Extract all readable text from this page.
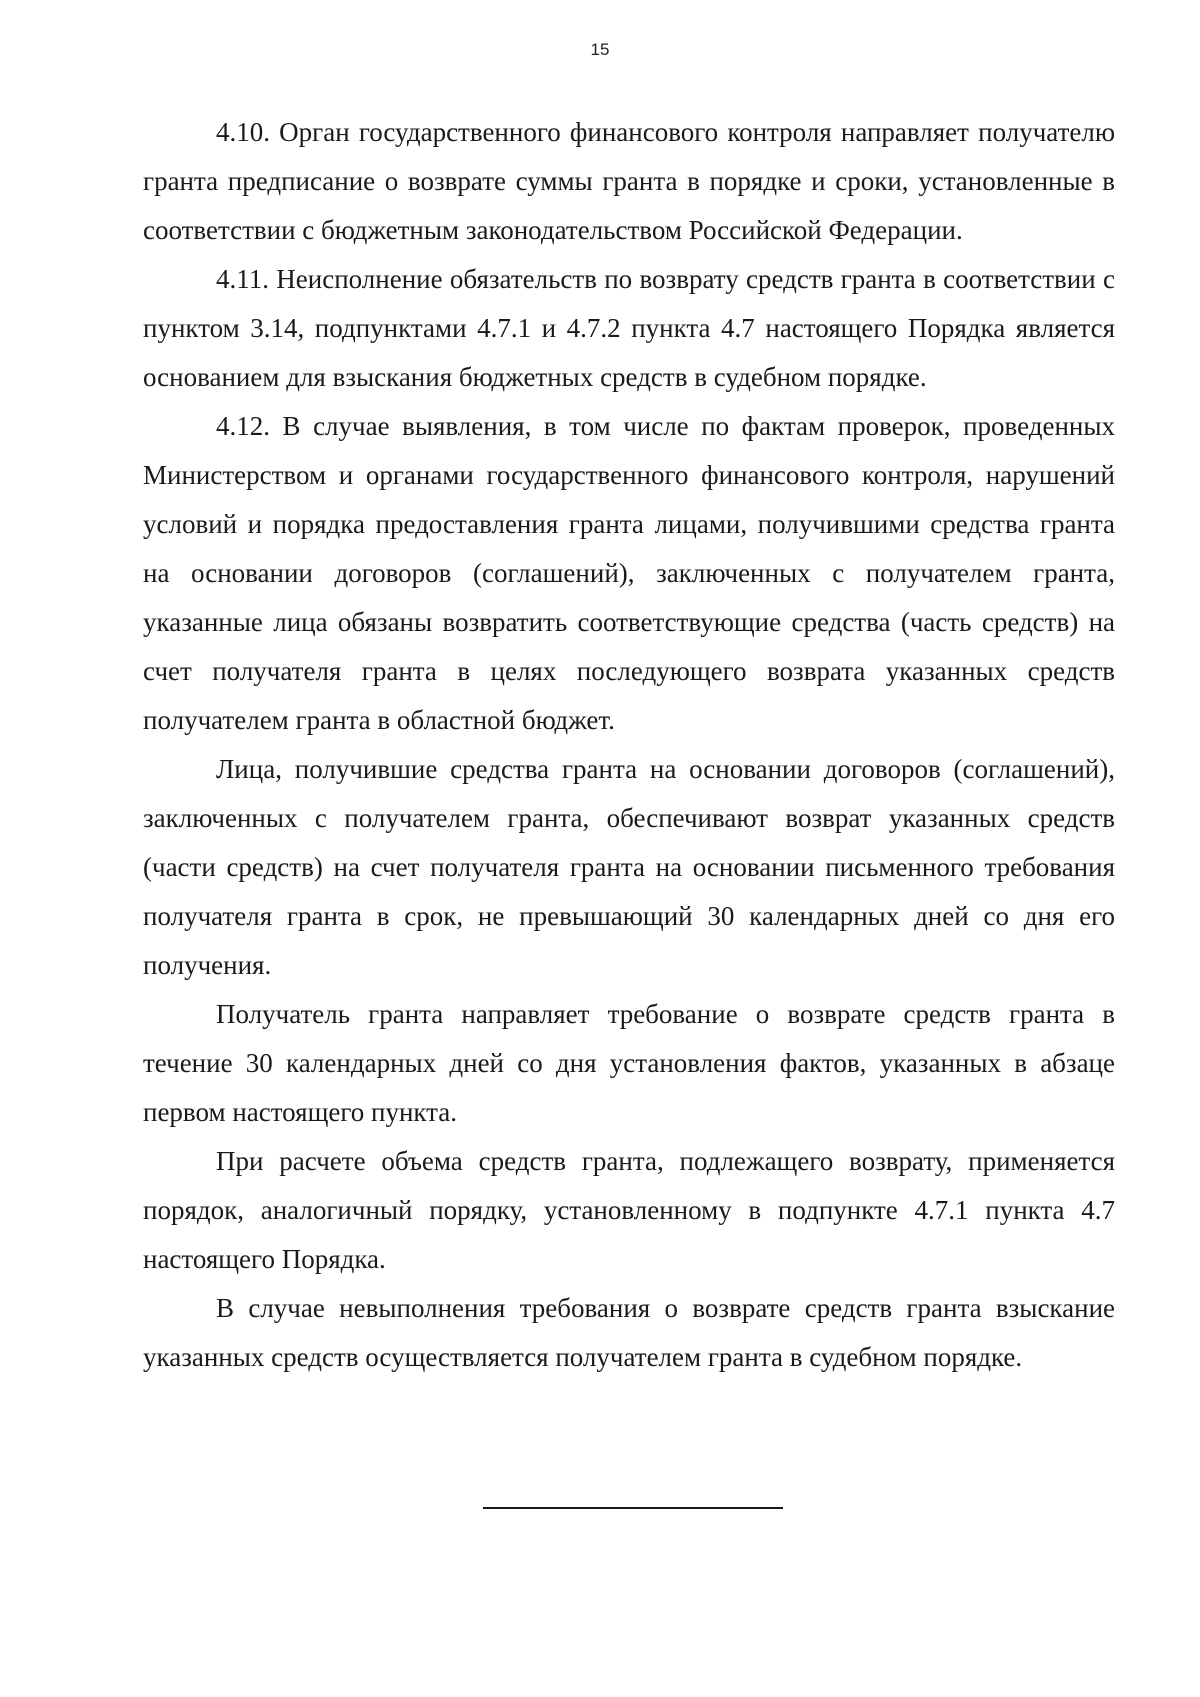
15

4.10. Орган государственного финансового контроля направляет получателю гранта предписание о возврате суммы гранта в порядке и сроки, установленные в соответствии с бюджетным законодательством Российской Федерации.

4.11. Неисполнение обязательств по возврату средств гранта в соответствии с пунктом 3.14, подпунктами 4.7.1 и 4.7.2 пункта 4.7 настоящего Порядка является основанием для взыскания бюджетных средств в судебном порядке.

4.12. В случае выявления, в том числе по фактам проверок, проведенных Министерством и органами государственного финансового контроля, нарушений условий и порядка предоставления гранта лицами, получившими средства гранта на основании договоров (соглашений), заключенных с получателем гранта, указанные лица обязаны возвратить соответствующие средства (часть средств) на счет получателя гранта в целях последующего возврата указанных средств получателем гранта в областной бюджет.

Лица, получившие средства гранта на основании договоров (соглашений), заключенных с получателем гранта, обеспечивают возврат указанных средств (части средств) на счет получателя гранта на основании письменного требования получателя гранта в срок, не превышающий 30 календарных дней со дня его получения.

Получатель гранта направляет требование о возврате средств гранта в течение 30 календарных дней со дня установления фактов, указанных в абзаце первом настоящего пункта.

При расчете объема средств гранта, подлежащего возврату, применяется порядок, аналогичный порядку, установленному в подпункте 4.7.1 пункта 4.7 настоящего Порядка.

В случае невыполнения требования о возврате средств гранта взыскание указанных средств осуществляется получателем гранта в судебном порядке.
